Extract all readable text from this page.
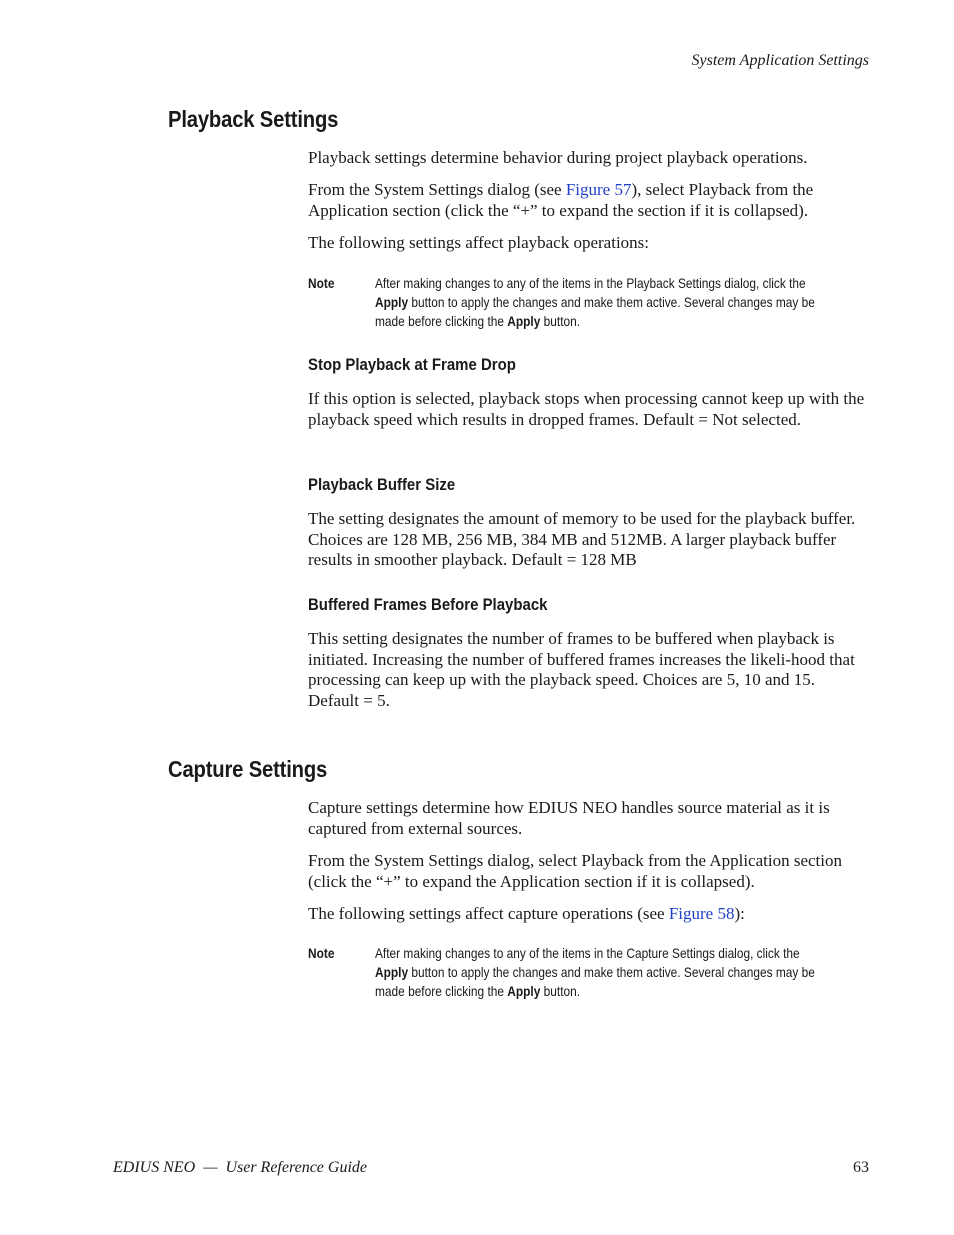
System Application Settings
Playback Settings

Playback settings determine behavior during project playback operations.

From the System Settings dialog (see Figure 57), select Playback from the Application section (click the “+” to expand the section if it is collapsed).

The following settings affect playback operations:

Note	After making changes to any of the items in the Playback Settings dialog, click the Apply button to apply the changes and make them active. Several changes may be made before clicking the Apply button.

Stop Playback at Frame Drop

If this option is selected, playback stops when processing cannot keep up with the playback speed which results in dropped frames. Default = Not selected.

Playback Buffer Size

The setting designates the amount of memory to be used for the playback buffer. Choices are 128 MB, 256 MB, 384 MB and 512MB. A larger playback buffer results in smoother playback. Default = 128 MB

Buffered Frames Before Playback

This setting designates the number of frames to be buffered when playback is initiated. Increasing the number of buffered frames increases the likeli-hood that processing can keep up with the playback speed. Choices are 5, 10 and 15. Default = 5.

Capture Settings

Capture settings determine how EDIUS NEO handles source material as it is captured from external sources.

From the System Settings dialog, select Playback from the Application section (click the “+” to expand the Application section if it is collapsed).

The following settings affect capture operations (see Figure 58):

Note	After making changes to any of the items in the Capture Settings dialog, click the Apply button to apply the changes and make them active. Several changes may be made before clicking the Apply button.

EDIUS NEO  —  User Reference Guide	63
